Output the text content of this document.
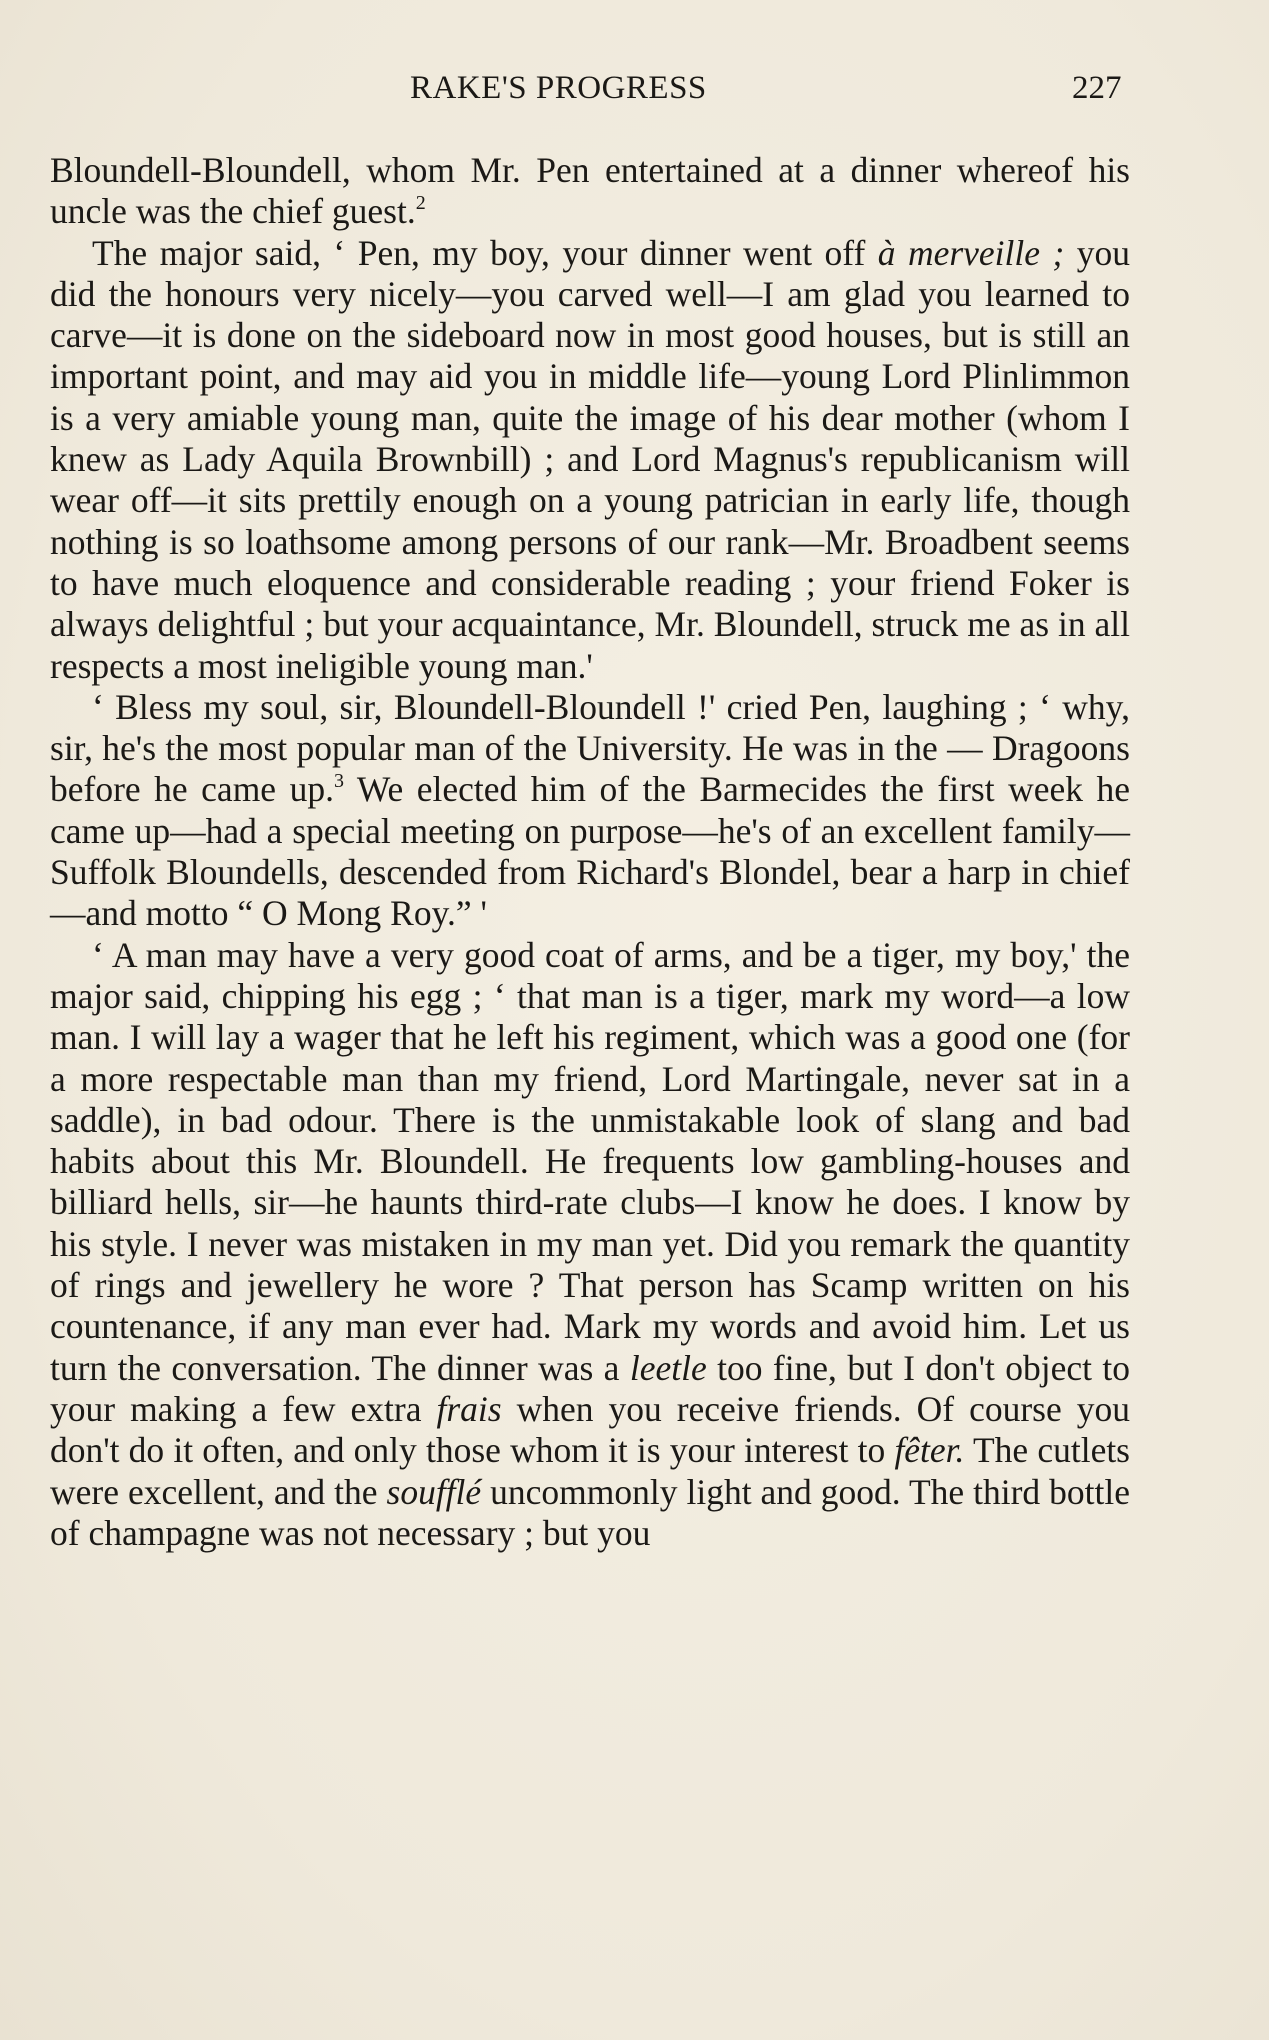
RAKE'S PROGRESS	227

Bloundell-Bloundell, whom Mr. Pen entertained at a dinner whereof his uncle was the chief guest.$^2$

The major said, ‘ Pen, my boy, your dinner went off à merveille ; you did the honours very nicely—you carved well—I am glad you learned to carve—it is done on the sideboard now in most good houses, but is still an important point, and may aid you in middle life—young Lord Plinlimmon is a very amiable young man, quite the image of his dear mother (whom I knew as Lady Aquila Brownbill) ; and Lord Magnus's republicanism will wear off—it sits prettily enough on a young patrician in early life, though nothing is so loathsome among persons of our rank—Mr. Broadbent seems to have much eloquence and considerable reading ; your friend Foker is always delightful ; but your acquaintance, Mr. Bloundell, struck me as in all respects a most ineligible young man.'

‘ Bless my soul, sir, Bloundell-Bloundell !' cried Pen, laughing ; ‘ why, sir, he's the most popular man of the University. He was in the — Dragoons before he came up.$^3$ We elected him of the Barmecides the first week he came up—had a special meeting on purpose—he's of an excellent family—Suffolk Bloundells, descended from Richard's Blondel, bear a harp in chief—and motto “ O Mong Roy.” '

‘ A man may have a very good coat of arms, and be a tiger, my boy,' the major said, chipping his egg ; ‘ that man is a tiger, mark my word—a low man. I will lay a wager that he left his regiment, which was a good one (for a more respectable man than my friend, Lord Martingale, never sat in a saddle), in bad odour. There is the unmistakable look of slang and bad habits about this Mr. Bloundell. He frequents low gambling-houses and billiard hells, sir—he haunts third-rate clubs—I know he does. I know by his style. I never was mistaken in my man yet. Did you remark the quantity of rings and jewellery he wore ? That person has Scamp written on his countenance, if any man ever had. Mark my words and avoid him. Let us turn the conversation. The dinner was a leetle too fine, but I don't object to your making a few extra frais when you receive friends. Of course you don't do it often, and only those whom it is your interest to fêter. The cutlets were excellent, and the soufflé uncommonly light and good. The third bottle of champagne was not necessary ; but you
